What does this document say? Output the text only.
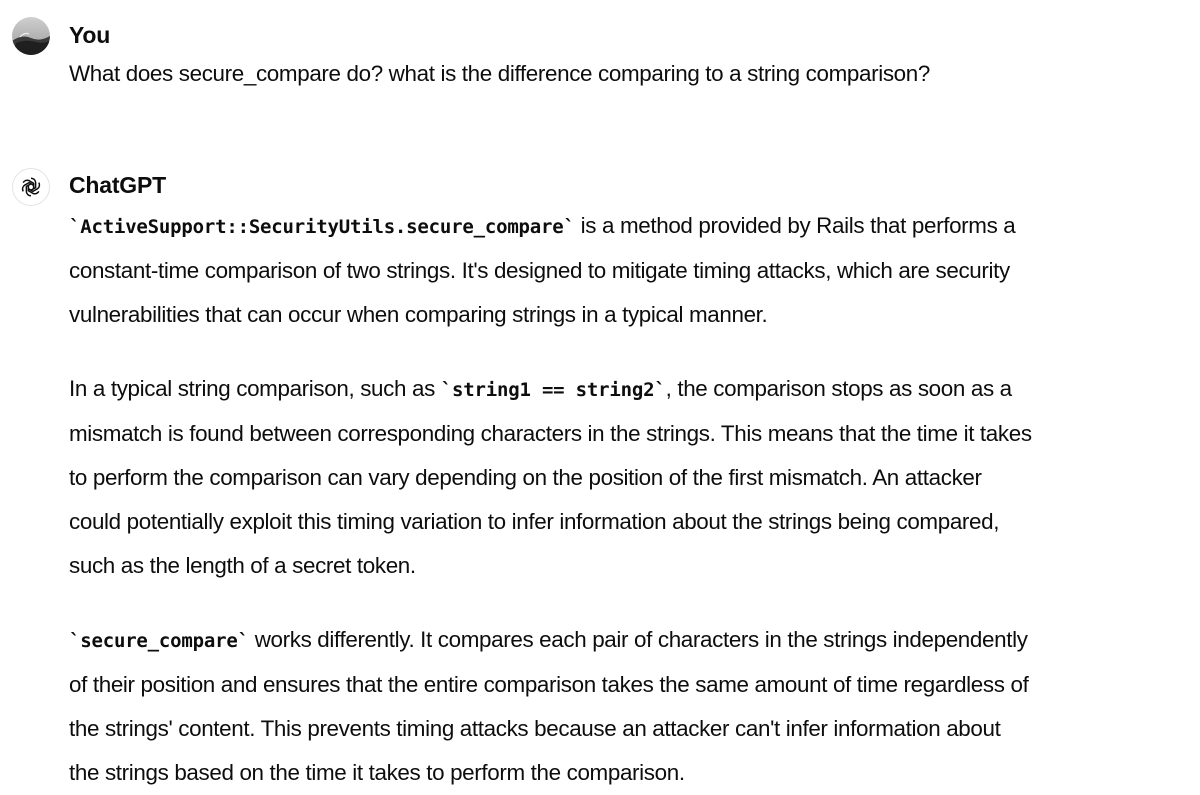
You
What does secure_compare do? what is the difference comparing to a string comparison?
ChatGPT

`ActiveSupport::SecurityUtils.secure_compare` is a method provided by Rails that performs a

constant-time comparison of two strings. It's designed to mitigate timing attacks, which are security

vulnerabilities that can occur when comparing strings in a typical manner.

In a typical string comparison, such as `string1 == string2`, the comparison stops as soon as a

mismatch is found between corresponding characters in the strings. This means that the time it takes

to perform the comparison can vary depending on the position of the first mismatch. An attacker

could potentially exploit this timing variation to infer information about the strings being compared,

such as the length of a secret token.

`secure_compare` works differently. It compares each pair of characters in the strings independently

of their position and ensures that the entire comparison takes the same amount of time regardless of

the strings' content. This prevents timing attacks because an attacker can't infer information about

the strings based on the time it takes to perform the comparison.
